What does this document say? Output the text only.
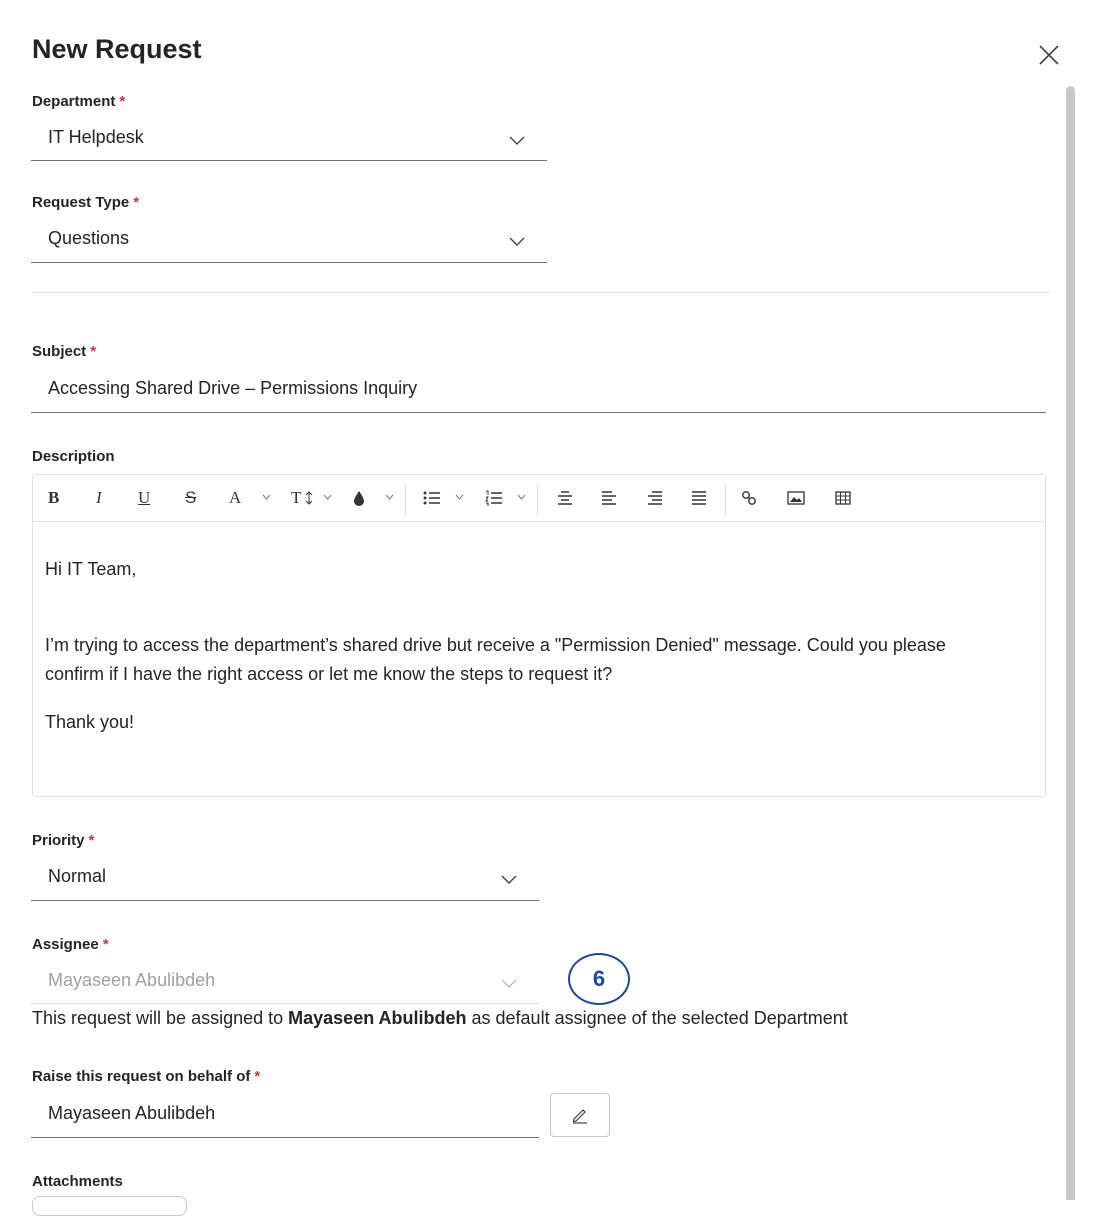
New Request
Department *
IT Helpdesk
Request Type *
Questions
Subject *
Accessing Shared Drive – Permissions Inquiry
Description
B I U S A	T
Hi IT Team,
I’m trying to access the department’s shared drive but receive a "Permission Denied" message. Could you please
confirm if I have the right access or let me know the steps to request it?
Thank you!
Priority *
Normal
Assignee *
Mayaseen Abulibdeh
This request will be assigned to Mayaseen Abulibdeh as default assignee of the selected Department
6
Raise this request on behalf of *
Mayaseen Abulibdeh
Attachments
